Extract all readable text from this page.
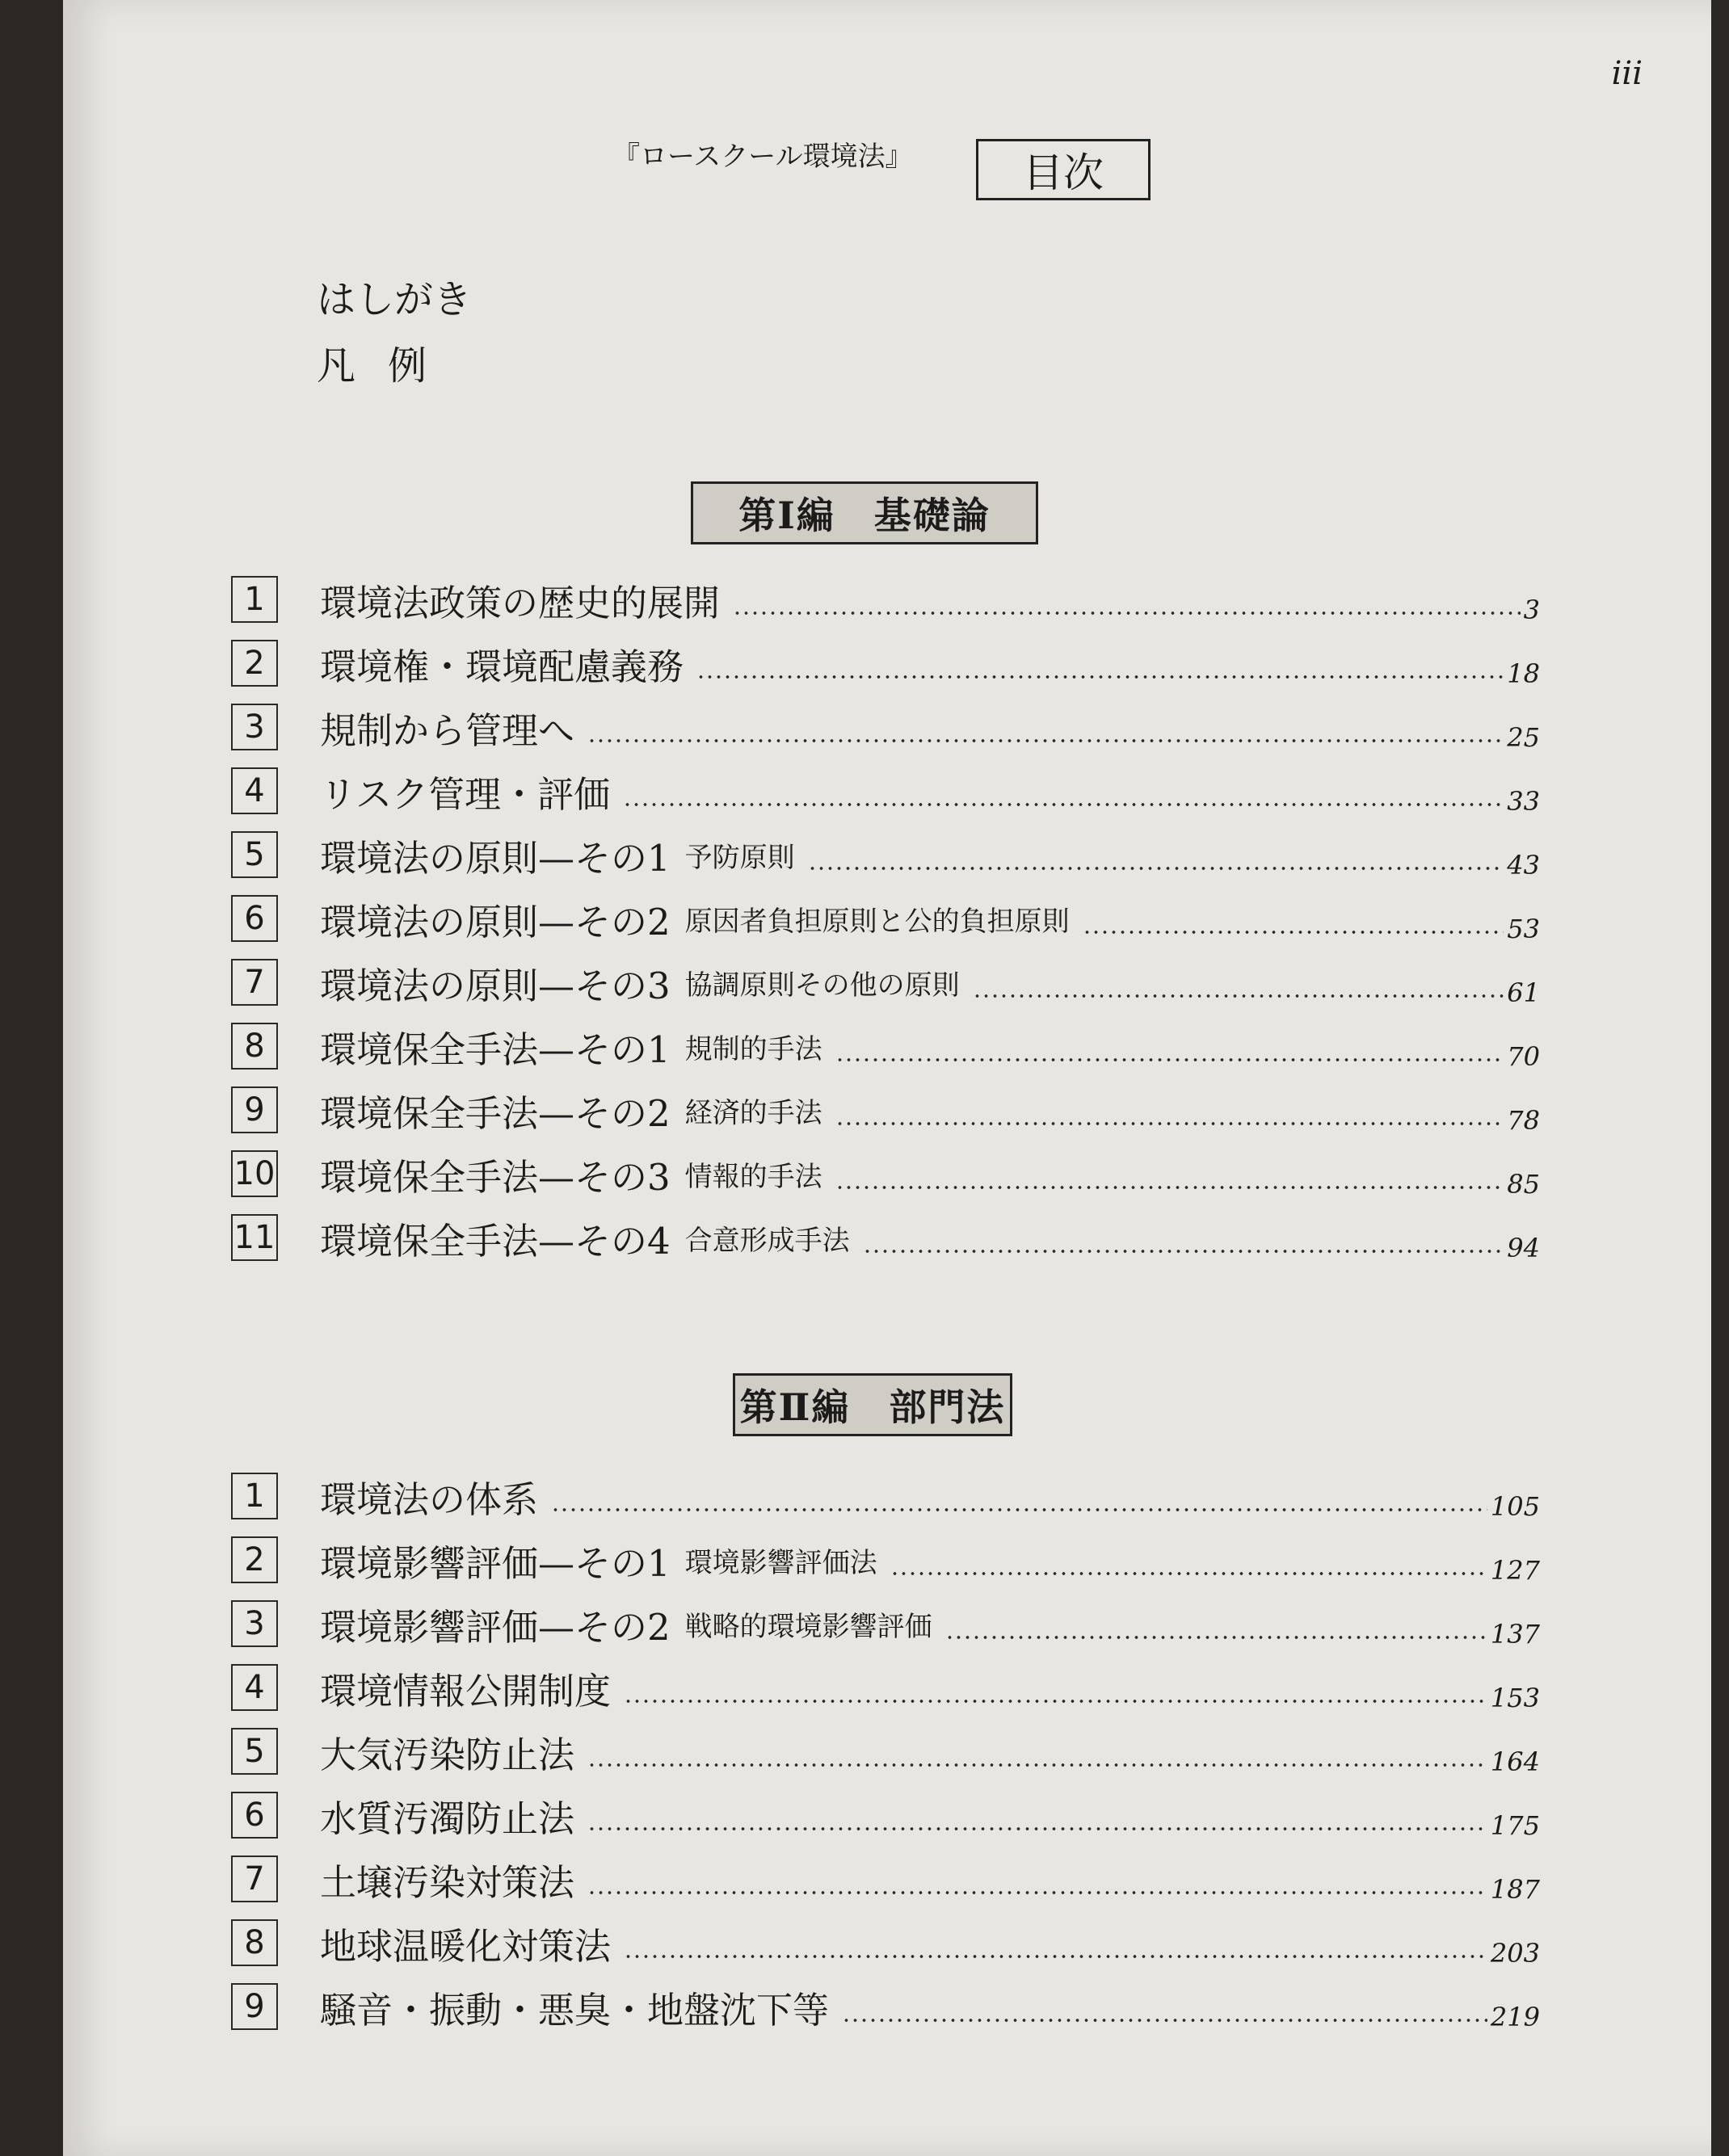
iii
『ロースクール環境法』	目次
はしがき
凡例
第Ⅰ編　基礎論
1	環境法政策の歴史的展開	3
2	環境権・環境配慮義務	18
3	規制から管理へ	25
4	リスク管理・評価	33
5	環境法の原則—その1 予防原則	43
6	環境法の原則—その2 原因者負担原則と公的負担原則	53
7	環境法の原則—その3 協調原則その他の原則	61
8	環境保全手法—その1 規制的手法	70
9	環境保全手法—その2 経済的手法	78
10 環境保全手法—その3 情報的手法	85
11 環境保全手法—その4 合意形成手法	94
第Ⅱ編　部門法
1	環境法の体系	105
2	環境影響評価—その1 環境影響評価法	127
3	環境影響評価—その2 戦略的環境影響評価	137
4	環境情報公開制度	153
5	大気汚染防止法	164
6	水質汚濁防止法	175
7	土壌汚染対策法	187
8	地球温暖化対策法	203
9	騒音・振動・悪臭・地盤沈下等	219
